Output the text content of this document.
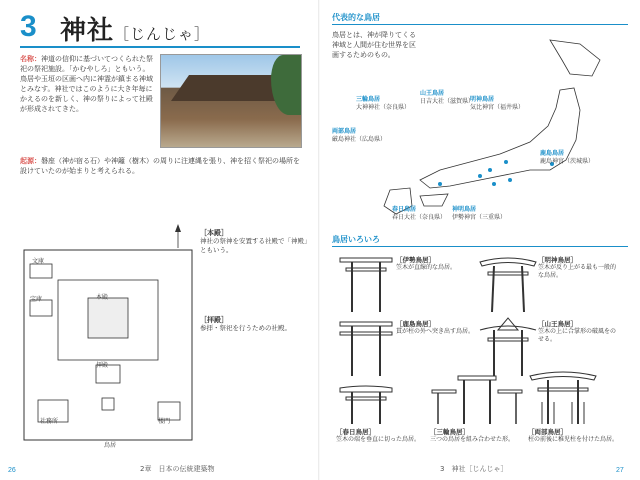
3 神社［じんじゃ］
名称：神道の信仰に基づいてつくられた祭祀の祭祀施設。「かむやしろ」ともいう。鳥居や玉垣の区画へ内に神霊が鎮まる神域とみなす。神社ではこのように大き年毎にかえるのを新しく、神の祭りによって社殿が形成されてきた。
起源：磐座（神が宿る石）や神籬（樹木）の周りに注連縄を張り、神を招く祭祀の場所を設けていたのが始まりと考えられる。
文庫
宝庫	本殿
拝殿
社務所	楼門
鳥居
［本殿］
神社の祭神を安置する社殿で「神殿」ともいう。
［拝殿］
参拝・祭祀を行うための社殿。
26	2章　日本の伝統建築物
代表的な鳥居
鳥居とは、神が降りてくる神域と人間が住む世界を区画するためのもの。
三輪鳥居
大神神社（奈良県）
山王鳥居
日吉大社（滋賀県）
両部鳥居
厳島神社（広島県）
明神鳥居
気比神宮（福井県）
鹿島鳥居
鹿島神宮（茨城県）
春日鳥居
春日大社（奈良県）
神明鳥居
伊勢神宮（三重県）
鳥居いろいろ
［伊勢鳥居］
笠木が直線的な鳥居。
［明神鳥居］
笠木が反り上がる最も一般的な鳥居。
［鹿島鳥居］
貫が柱の外へ突き出す鳥居。
［山王鳥居］
笠木の上に合掌形の破風をのせる。
［春日鳥居］
笠木の端を垂直に切った鳥居。
［三輪鳥居］
三つの鳥居を組み合わせた形。
［両部鳥居］
柱の前後に稚児柱を付けた鳥居。
3　神社［じんじゃ］	27
